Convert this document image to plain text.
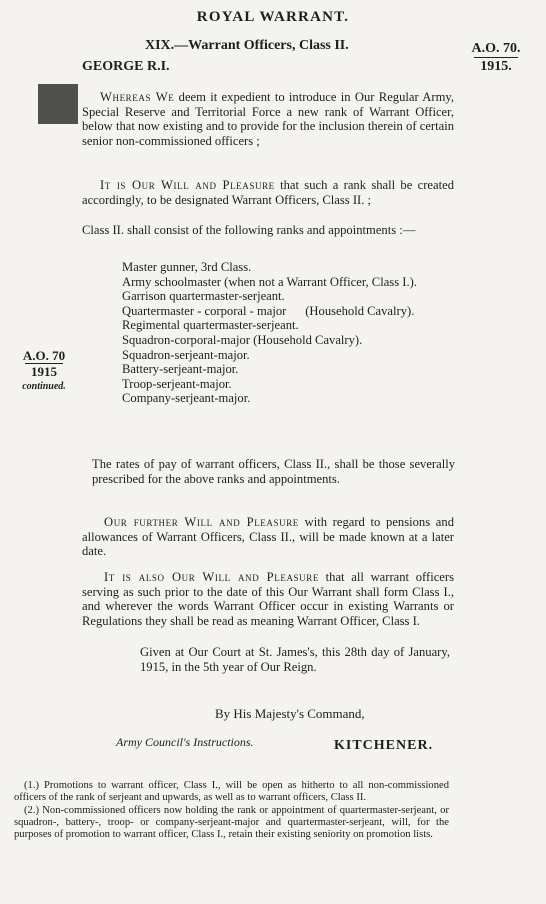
ROYAL WARRANT.
XIX.—Warrant Officers, Class II.	A.O. 70.
1915.
GEORGE R.I.
Whereas We deem it expedient to introduce in Our Regular Army, Special Reserve and Territorial Force a new rank of Warrant Officer, below that now existing and to provide for the inclusion therein of certain senior non-commissioned officers ;
It is Our Will and Pleasure that such a rank shall be created accordingly, to be designated Warrant Officers, Class II. ;
Class II. shall consist of the following ranks and appointments :—
Master gunner, 3rd Class.
Army schoolmaster (when not a Warrant Officer, Class I.).
Garrison quartermaster-serjeant.
Quartermaster - corporal - major      (Household Cavalry).
Regimental quartermaster-serjeant.
Squadron-corporal-major (Household Cavalry).
Squadron-serjeant-major.
Battery-serjeant-major.
Troop-serjeant-major.
Company-serjeant-major.
A.O. 70
1915
continued.
The rates of pay of warrant officers, Class II., shall be those severally prescribed for the above ranks and appointments.
Our further Will and Pleasure with regard to pensions and allowances of Warrant Officers, Class II., will be made known at a later date.
It is also Our Will and Pleasure that all warrant officers serving as such prior to the date of this Our Warrant shall form Class I., and wherever the words Warrant Officer occur in existing Warrants or Regulations they shall be read as meaning Warrant Officer, Class I.
Given at Our Court at St. James's, this 28th day of January, 1915, in the 5th year of Our Reign.
By His Majesty's Command,
Army Council's Instructions.	KITCHENER.

(1.) Promotions to warrant officer, Class I., will be open as hitherto to all non-commissioned officers of the rank of serjeant and upwards, as well as to warrant officers, Class II.

(2.) Non-commissioned officers now holding the rank or appointment of quartermaster-serjeant, or squadron-, battery-, troop- or company-serjeant-major and quartermaster-serjeant, will, for the purposes of promotion to warrant officer, Class I., retain their existing seniority on promotion lists.
